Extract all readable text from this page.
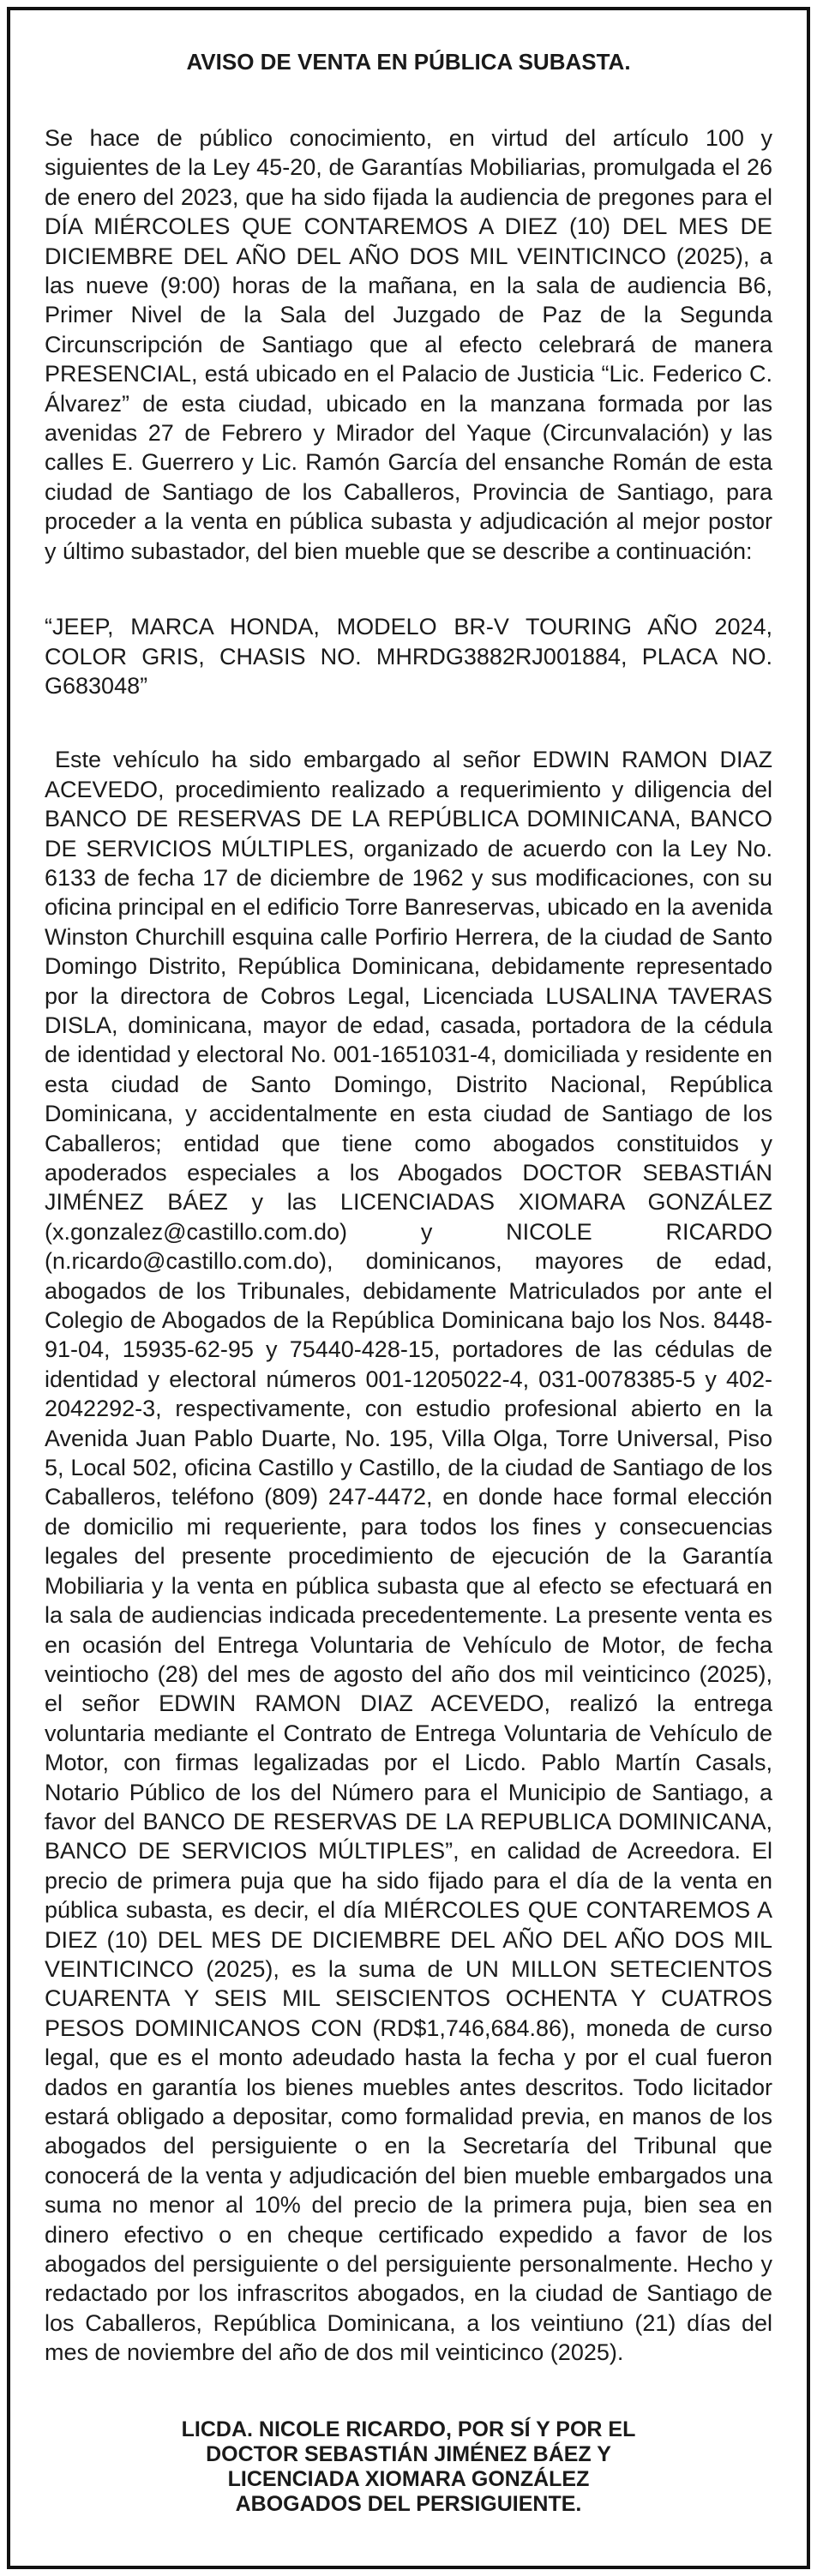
AVISO DE VENTA EN PÚBLICA SUBASTA.

Se hace de público conocimiento, en virtud del artículo 100 y siguientes de la Ley 45-20, de Garantías Mobiliarias, promulgada el 26 de enero del 2023, que ha sido fijada la audiencia de pregones para el DÍA MIÉRCOLES QUE CONTAREMOS A DIEZ (10) DEL MES DE DICIEMBRE DEL AÑO DEL AÑO DOS MIL VEINTICINCO (2025), a las nueve (9:00) horas de la mañana, en la sala de audiencia B6, Primer Nivel de la Sala del Juzgado de Paz de la Segunda Circunscripción de Santiago que al efecto celebrará de manera PRESENCIAL, está ubicado en el Palacio de Justicia “Lic. Federico C. Álvarez” de esta ciudad, ubicado en la manzana formada por las avenidas 27 de Febrero y Mirador del Yaque (Circunvalación) y las calles E. Guerrero y Lic. Ramón García del ensanche Román de esta ciudad de Santiago de los Caballeros, Provincia de Santiago, para proceder a la venta en pública subasta y adjudicación al mejor postor y último subastador, del bien mueble que se describe a continuación:

“JEEP, MARCA HONDA, MODELO BR-V TOURING AÑO 2024, COLOR GRIS, CHASIS NO. MHRDG3882RJ001884, PLACA NO. G683048”

Este vehículo ha sido embargado al señor EDWIN RAMON DIAZ ACEVEDO, procedimiento realizado a requerimiento y diligencia del BANCO DE RESERVAS DE LA REPÚBLICA DOMINICANA, BANCO DE SERVICIOS MÚLTIPLES, organizado de acuerdo con la Ley No. 6133 de fecha 17 de diciembre de 1962 y sus modificaciones, con su oficina principal en el edificio Torre Banreservas, ubicado en la avenida Winston Churchill esquina calle Porfirio Herrera, de la ciudad de Santo Domingo Distrito, República Dominicana, debidamente representado por la directora de Cobros Legal, Licenciada LUSALINA TAVERAS DISLA, dominicana, mayor de edad, casada, portadora de la cédula de identidad y electoral No. 001-1651031-4, domiciliada y residente en esta ciudad de Santo Domingo, Distrito Nacional, República Dominicana, y accidentalmente en esta ciudad de Santiago de los Caballeros; entidad que tiene como abogados constituidos y apoderados especiales a los Abogados DOCTOR SEBASTIÁN JIMÉNEZ BÁEZ y las LICENCIADAS XIOMARA GONZÁLEZ (x.gonzalez@castillo.com.do) y NICOLE RICARDO (n.ricardo@castillo.com.do), dominicanos, mayores de edad, abogados de los Tribunales, debidamente Matriculados por ante el Colegio de Abogados de la República Dominicana bajo los Nos. 8448-91-04, 15935-62-95 y 75440-428-15, portadores de las cédulas de identidad y electoral números 001-1205022-4, 031-0078385-5 y 402-2042292-3, respectivamente, con estudio profesional abierto en la Avenida Juan Pablo Duarte, No. 195, Villa Olga, Torre Universal, Piso 5, Local 502, oficina Castillo y Castillo, de la ciudad de Santiago de los Caballeros, teléfono (809) 247-4472, en donde hace formal elección de domicilio mi requeriente, para todos los fines y consecuencias legales del presente procedimiento de ejecución de la Garantía Mobiliaria y la venta en pública subasta que al efecto se efectuará en la sala de audiencias indicada precedentemente. La presente venta es en ocasión del Entrega Voluntaria de Vehículo de Motor, de fecha veintiocho (28) del mes de agosto del año dos mil veinticinco (2025), el señor EDWIN RAMON DIAZ ACEVEDO, realizó la entrega voluntaria mediante el Contrato de Entrega Voluntaria de Vehículo de Motor, con firmas legalizadas por el Licdo. Pablo Martín Casals, Notario Público de los del Número para el Municipio de Santiago, a favor del BANCO DE RESERVAS DE LA REPUBLICA DOMINICANA, BANCO DE SERVICIOS MÚLTIPLES”, en calidad de Acreedora. El precio de primera puja que ha sido fijado para el día de la venta en pública subasta, es decir, el día MIÉRCOLES QUE CONTAREMOS A DIEZ (10) DEL MES DE DICIEMBRE DEL AÑO DEL AÑO DOS MIL VEINTICINCO (2025), es la suma de UN MILLON SETECIENTOS CUARENTA Y SEIS MIL SEISCIENTOS OCHENTA Y CUATROS PESOS DOMINICANOS CON (RD$1,746,684.86), moneda de curso legal, que es el monto adeudado hasta la fecha y por el cual fueron dados en garantía los bienes muebles antes descritos. Todo licitador estará obligado a depositar, como formalidad previa, en manos de los abogados del persiguiente o en la Secretaría del Tribunal que conocerá de la venta y adjudicación del bien mueble embargados una suma no menor al 10% del precio de la primera puja, bien sea en dinero efectivo o en cheque certificado expedido a favor de los abogados del persiguiente o del persiguiente personalmente. Hecho y redactado por los infrascritos abogados, en la ciudad de Santiago de los Caballeros, República Dominicana, a los veintiuno (21) días del mes de noviembre del año de dos mil veinticinco (2025).

LICDA. NICOLE RICARDO, POR SÍ Y POR EL
DOCTOR SEBASTIÁN JIMÉNEZ BÁEZ Y
LICENCIADA XIOMARA GONZÁLEZ
ABOGADOS DEL PERSIGUIENTE.
